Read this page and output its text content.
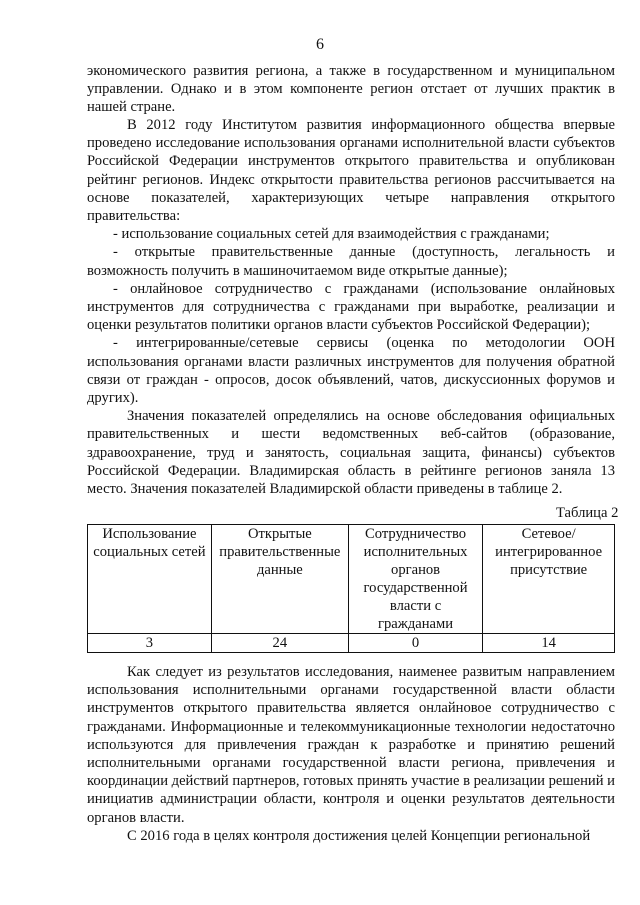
6

экономического развития региона, а также в государственном и муниципальном управлении. Однако и в этом компоненте регион отстает от лучших практик в нашей стране.

В 2012 году Институтом развития информационного общества впервые проведено исследование использования органами исполнительной власти субъектов Российской Федерации инструментов открытого правительства и опубликован рейтинг регионов. Индекс открытости правительства регионов рассчитывается на основе показателей, характеризующих четыре направления открытого правительства:

- использование социальных сетей для взаимодействия с гражданами;

- открытые правительственные данные (доступность, легальность и возможность получить в машиночитаемом виде открытые данные);

- онлайновое сотрудничество с гражданами (использование онлайновых инструментов для сотрудничества с гражданами при выработке, реализации и оценки результатов политики органов власти субъектов Российской Федерации);

- интегрированные/сетевые сервисы (оценка по методологии ООН использования органами власти различных инструментов для получения обратной связи от граждан - опросов, досок объявлений, чатов, дискуссионных форумов и других).

Значения показателей определялись на основе обследования официальных правительственных и шести ведомственных веб-сайтов (образование, здравоохранение, труд и занятость, социальная защита, финансы) субъектов Российской Федерации. Владимирская область в рейтинге регионов заняла 13 место. Значения показателей Владимирской области приведены в таблице 2.

Таблица 2
Использование социальных сетей	Открытые правительственные данные	Сотрудничество исполнительных органов государственной власти с гражданами	Сетевое/ интегрированное присутствие
3	24	0	14

Как следует из результатов исследования, наименее развитым направлением использования исполнительными органами государственной власти области инструментов открытого правительства является онлайновое сотрудничество с гражданами. Информационные и телекоммуникационные технологии недостаточно используются для привлечения граждан к разработке и принятию решений исполнительными органами государственной власти региона, привлечения и координации действий партнеров, готовых принять участие в реализации решений и инициатив администрации области, контроля и оценки результатов деятельности органов власти.

С 2016 года в целях контроля достижения целей Концепции региональной
